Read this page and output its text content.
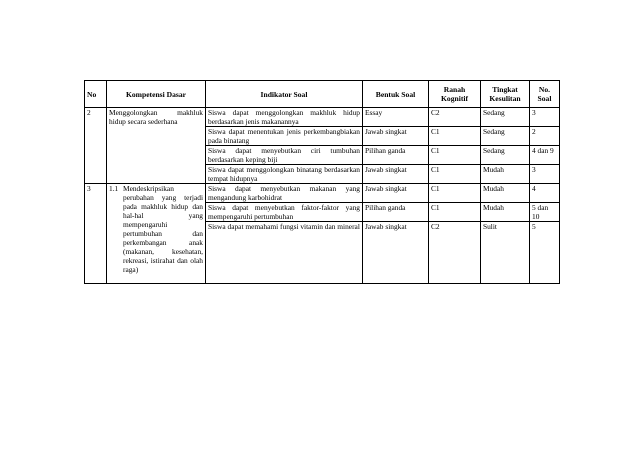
No	Kompetensi Dasar	Indikator Soal	Bentuk Soal	Ranah Kognitif	Tingkat Kesulitan	No. Soal
2	Menggolongkan makhluk hidup secara sederhana	Siswa dapat menggolongkan makhluk hidup berdasarkan jenis makanannya	Essay	C2	Sedang	3
		Siswa dapat menentukan jenis perkembangbiakan pada binatang	Jawab singkat	C1	Sedang	2
		Siswa dapat menyebutkan ciri tumbuhan berdasarkan keping biji	Pilihan ganda	C1	Sedang	4 dan 9
		Siswa dapat menggolongkan binatang berdasarkan tempat hidupnya	Jawab singkat	C1	Mudah	3
3	1.1 Mendeskripsikan perubahan yang terjadi pada makhluk hidup dan hal-hal yang mempengaruhi pertumbuhan dan perkembangan anak (makanan, kesehatan, rekreasi, istirahat dan olah raga)	Siswa dapat menyebutkan makanan yang mengandung karbohidrat	Jawab singkat	C1	Mudah	4
		Siswa dapat menyebutkan faktor-faktor yang mempengaruhi pertumbuhan	Pilihan ganda	C1	Mudah	5 dan 10
		Siswa dapat memahami fungsi vitamin dan mineral	Jawab singkat	C2	Sulit	5
